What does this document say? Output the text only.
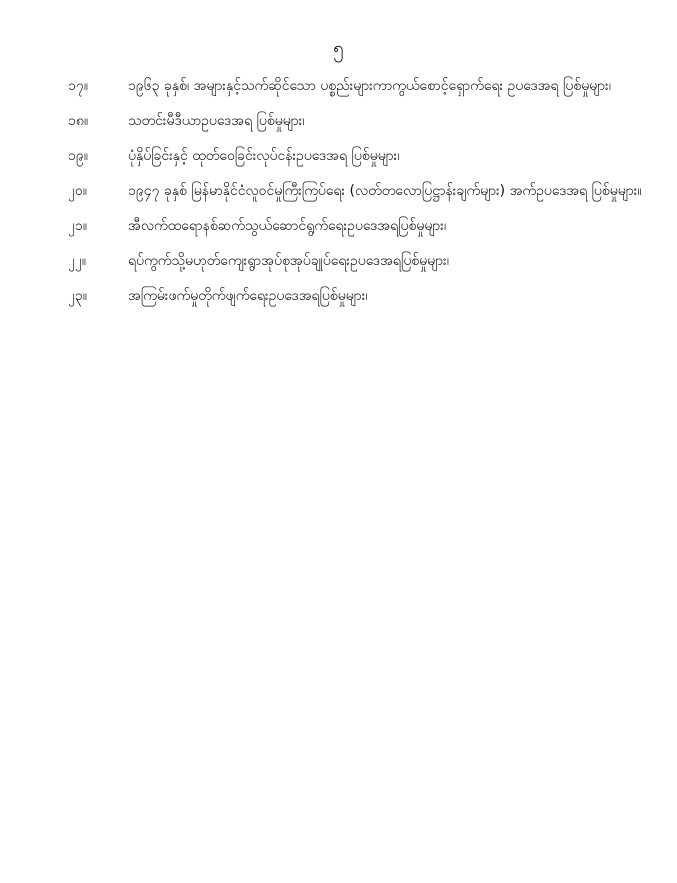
၅
၁၇။	၁၉၆၃ ခုနှစ်၊ အများနှင့်သက်ဆိုင်သော ပစ္စည်းများကာကွယ်စောင့်ရှောက်ရေး ဥပဒေအရ ပြစ်မှုများ၊
၁၈။	သတင်းမီဒီယာဥပဒေအရ ပြစ်မှုများ၊
၁၉။	ပုံနှိပ်ခြင်းနှင့် ထုတ်ဝေခြင်းလုပ်ငန်းဥပဒေအရ ပြစ်မှုများ၊
၂၀။	၁၉၄၇ ခုနှစ် မြန်မာနိုင်ငံလူဝင်မှုကြီးကြပ်ရေး (လတ်တလောပြဋ္ဌာန်းချက်များ) အက်ဥပဒေအရ ပြစ်မှုများ။
၂၁။	အီလက်ထရောနစ်ဆက်သွယ်ဆောင်ရွက်ရေးဥပဒေအရပြစ်မှုများ၊
၂၂။	ရပ်ကွက်သို့မဟုတ်ကျေးရွာအုပ်စုအုပ်ချုပ်ရေးဥပဒေအရပြစ်မှုများ၊
၂၃။	အကြမ်းဖက်မှုတိုက်ဖျက်ရေးဥပဒေအရပြစ်မှုများ၊
